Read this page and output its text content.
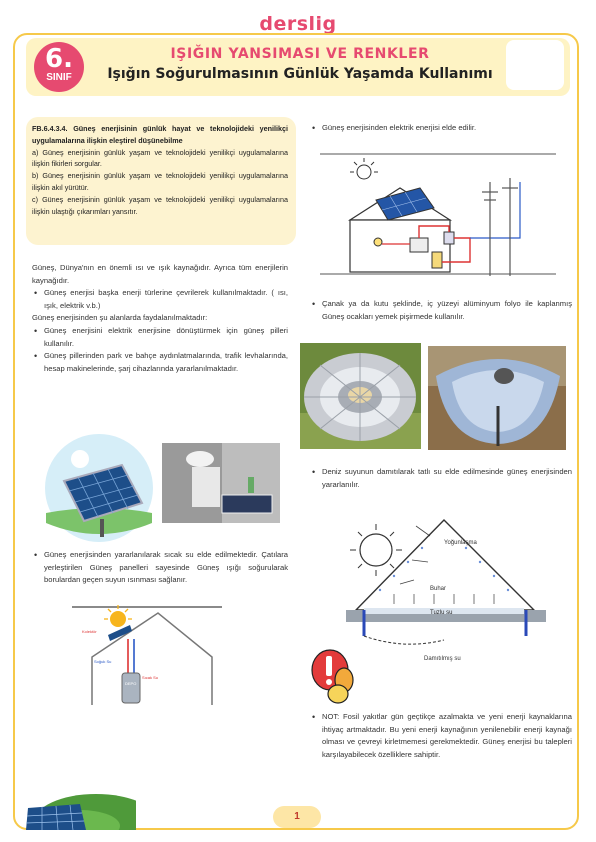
derslig
6.
SINIF
IŞIĞIN YANSIMASI VE RENKLER
Işığın Soğurulmasının Günlük Yaşamda Kullanımı

FB.6.4.3.4. Güneş enerjisinin günlük hayat ve teknolojideki yenilikçi uygulamalarına ilişkin eleştirel düşünebilme

a) Güneş enerjisinin günlük yaşam ve teknolojideki yenilikçi uygulamalarına ilişkin fikirleri sorgular.

b) Güneş enerjisinin günlük yaşam ve teknolojideki yenilikçi uygulamalarına ilişkin akıl yürütür.

c) Güneş enerjisinin günlük yaşam ve teknolojideki yenilikçi uygulamalarına ilişkin ulaştığı çıkarımları yansıtır.

Güneş, Dünya'nın en önemli ısı ve ışık kaynağıdır. Ayrıca tüm enerjilerin kaynağıdır.

• Güneş enerjisi başka enerji türlerine çevrilerek kullanılmaktadır. ( ısı, ışık, elektrik v.b.)

Güneş enerjisinden şu alanlarda faydalanılmaktadır:

• Güneş enerjisini elektrik enerjisine dönüştürmek için güneş pilleri kullanılır.

• Güneş pillerinden park ve bahçe aydınlatmalarında, trafik levhalarında, hesap makinelerinde, şarj cihazlarında yararlanılmaktadır.

• Güneş enerjisinden yararlanılarak sıcak su elde edilmektedir. Çatılara yerleştirilen Güneş panelleri sayesinde Güneş ışığı soğurularak borulardan geçen suyun ısınması sağlanır.

DEPO
Kolektör
Soğuk Su
Sıcak Su

• Güneş enerjisinden elektrik enerjisi elde edilir.

• Çanak ya da kutu şeklinde, iç yüzeyi alüminyum folyo ile kaplanmış Güneş ocakları yemek pişirmede kullanılır.

• Deniz suyunun damıtılarak tatlı su elde edilmesinde güneş enerjisinden yararlanılır.

Yoğunlaşma
Buhar
Tuzlu su
Damıtılmış su

• NOT: Fosil yakıtlar gün geçtikçe azalmakta ve yeni enerji kaynaklarına ihtiyaç artmaktadır. Bu yeni enerji kaynağının yenilenebilir enerji kaynağı olması ve çevreyi kirletmemesi gerekmektedir. Güneş enerjisi bu talepleri karşılayabilecek özelliklere sahiptir.

1
